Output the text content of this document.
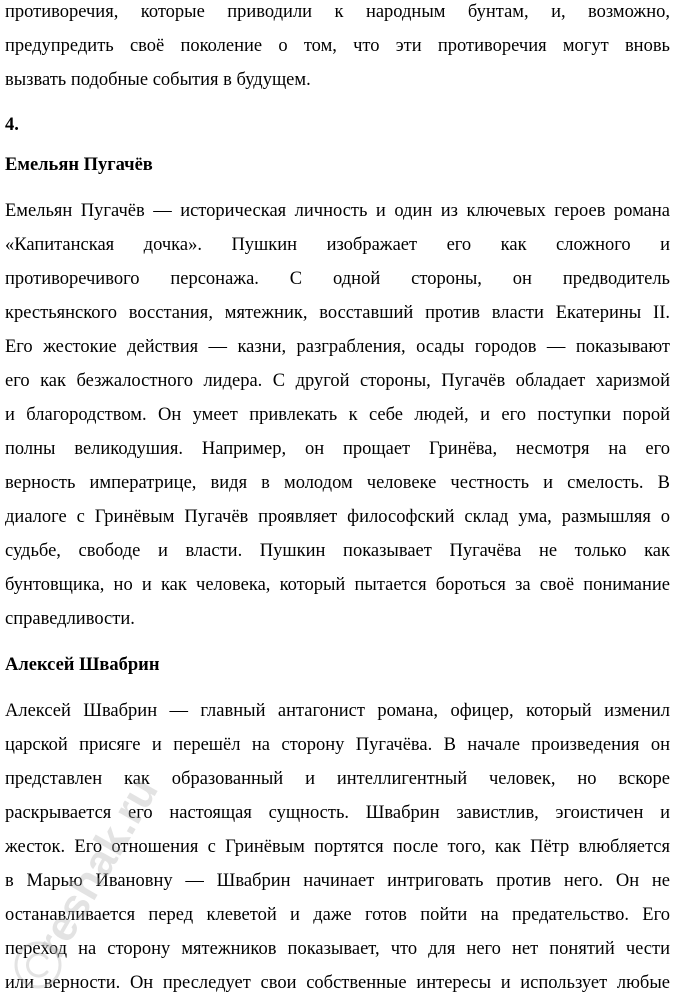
противоречия, которые приводили к народным бунтам, и, возможно,
предупредить своё поколение о том, что эти противоречия могут вновь
вызвать подобные события в будущем.
4.
Емельян Пугачёв
Емельян Пугачёв — историческая личность и один из ключевых героев романа
«Капитанская дочка». Пушкин изображает его как сложного и
противоречивого персонажа. С одной стороны, он предводитель
крестьянского восстания, мятежник, восставший против власти Екатерины II.
Его жестокие действия — казни, разграбления, осады городов — показывают
его как безжалостного лидера. С другой стороны, Пугачёв обладает харизмой
и благородством. Он умеет привлекать к себе людей, и его поступки порой
полны великодушия. Например, он прощает Гринёва, несмотря на его
верность императрице, видя в молодом человеке честность и смелость. В
диалоге с Гринёвым Пугачёв проявляет философский склад ума, размышляя о
судьбе, свободе и власти. Пушкин показывает Пугачёва не только как
бунтовщика, но и как человека, который пытается бороться за своё понимание
справедливости.
Алексей Швабрин
Алексей Швабрин — главный антагонист романа, офицер, который изменил
царской присяге и перешёл на сторону Пугачёва. В начале произведения он
представлен как образованный и интеллигентный человек, но вскоре
раскрывается его настоящая сущность. Швабрин завистлив, эгоистичен и
жесток. Его отношения с Гринёвым портятся после того, как Пётр влюбляется
в Марью Ивановну — Швабрин начинает интриговать против него. Он не
останавливается перед клеветой и даже готов пойти на предательство. Его
переход на сторону мятежников показывает, что для него нет понятий чести
или верности. Он преследует свои собственные интересы и использует любые
reshak.ru
